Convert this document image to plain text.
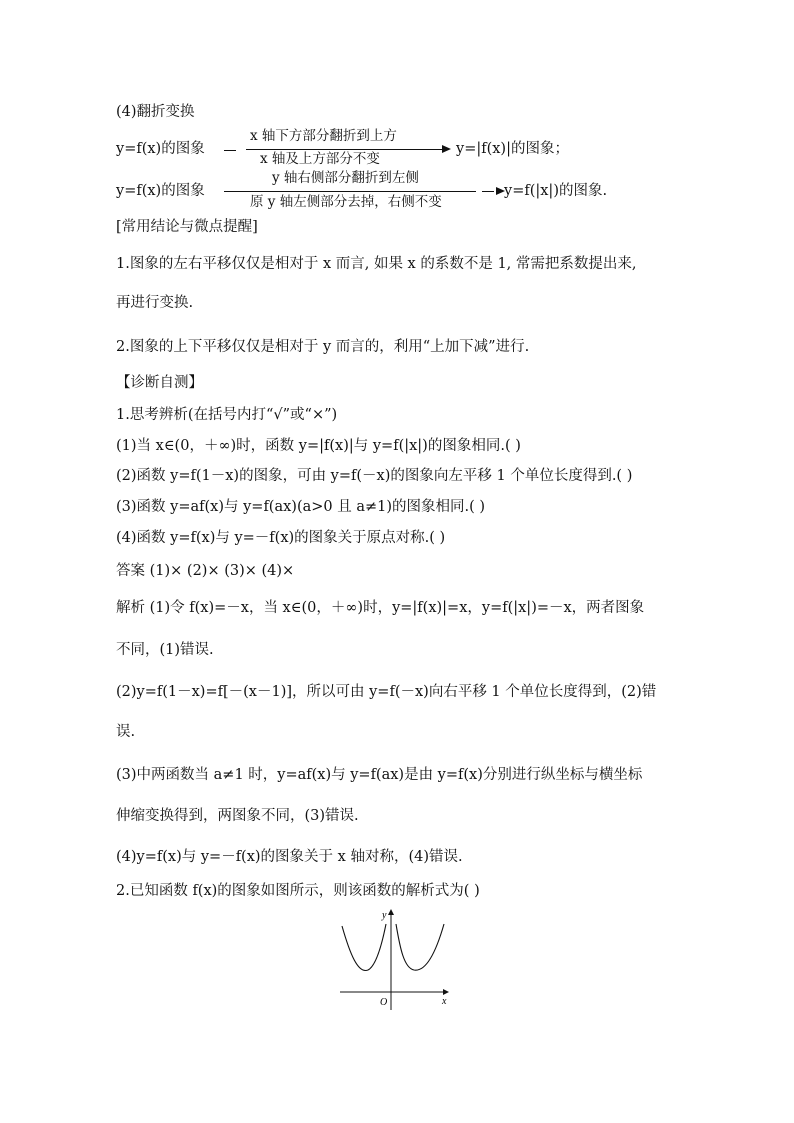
(4)翻折变换
y=f(x)的图象
x 轴下方部分翻折到上方
x 轴及上方部分不变
y=|f(x)|的图象；
y=f(x)的图象
y 轴右侧部分翻折到左侧
原 y 轴左侧部分去掉，右侧不变
y=f(|x|)的图象.
[常用结论与微点提醒]
1.图象的左右平移仅仅是相对于 x 而言, 如果 x 的系数不是 1, 常需把系数提出来,
再进行变换.
2.图象的上下平移仅仅是相对于 y 而言的，利用“上加下减”进行.
【诊断自测】
1.思考辨析(在括号内打“√”或“×”)
(1)当 x∈(0，＋∞)时，函数 y=|f(x)|与 y=f(|x|)的图象相同.( )
(2)函数 y=f(1－x)的图象，可由 y=f(－x)的图象向左平移 1 个单位长度得到.( )
(3)函数 y=af(x)与 y=f(ax)(a>0 且 a≠1)的图象相同.( )
(4)函数 y=f(x)与 y=－f(x)的图象关于原点对称.( )
答案 (1)× (2)× (3)× (4)×
解析 (1)令 f(x)=－x，当 x∈(0，＋∞)时，y=|f(x)|=x，y=f(|x|)=－x，两者图象
不同，(1)错误.
(2)y=f(1－x)=f[－(x－1)]，所以可由 y=f(－x)向右平移 1 个单位长度得到，(2)错
误.
(3)中两函数当 a≠1 时，y=af(x)与 y=f(ax)是由 y=f(x)分别进行纵坐标与横坐标
伸缩变换得到，两图象不同，(3)错误.
(4)y=f(x)与 y=－f(x)的图象关于 x 轴对称，(4)错误.
2.已知函数 f(x)的图象如图所示，则该函数的解析式为( )
y
x
O
